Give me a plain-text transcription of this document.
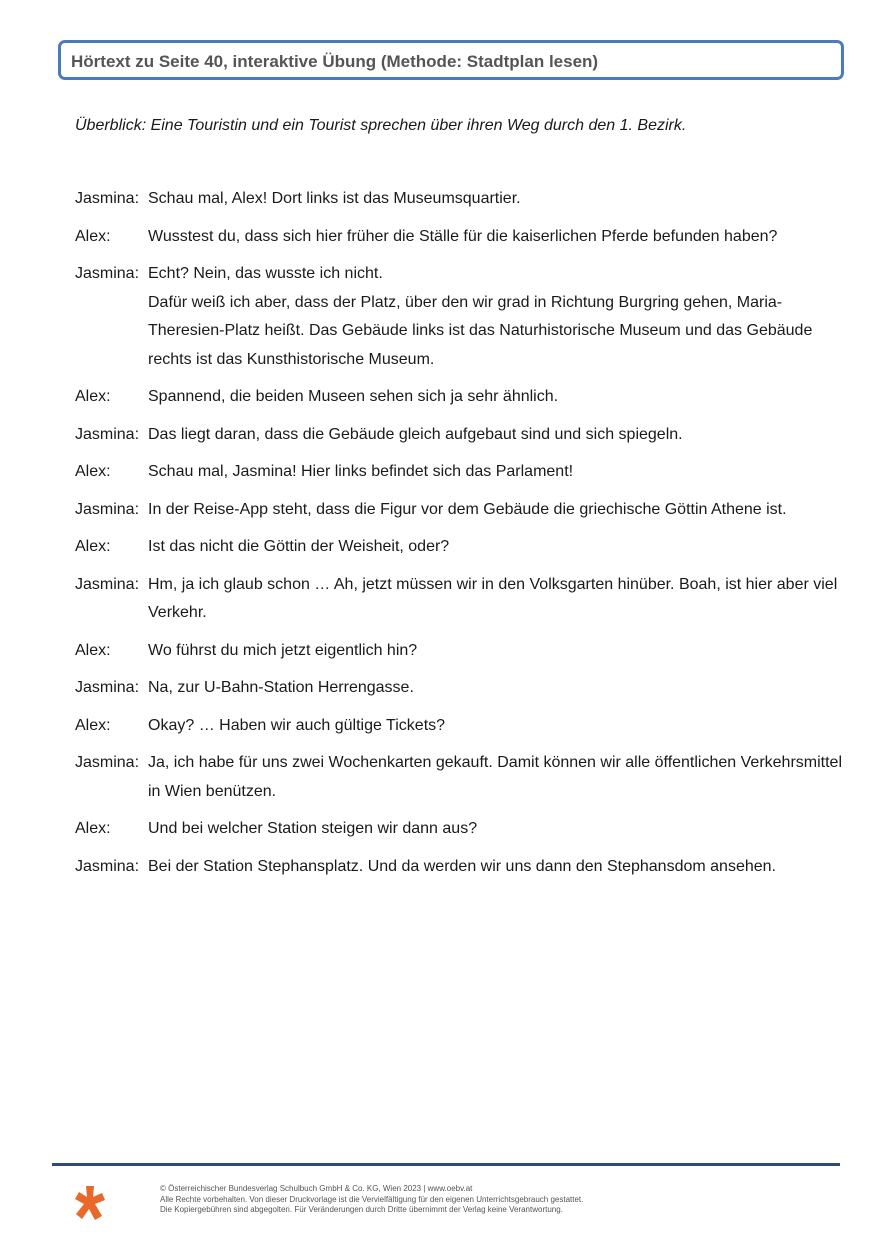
Hörtext zu Seite 40, interaktive Übung (Methode: Stadtplan lesen)
Überblick: Eine Touristin und ein Tourist sprechen über ihren Weg durch den 1. Bezirk.
Jasmina: Schau mal, Alex! Dort links ist das Museumsquartier.

Alex:	Wusstest du, dass sich hier früher die Ställe für die kaiserlichen Pferde befunden haben?

Jasmina: Echt? Nein, das wusste ich nicht.

Dafür weiß ich aber, dass der Platz, über den wir grad in Richtung Burgring gehen, Maria-Theresien-Platz heißt. Das Gebäude links ist das Naturhistorische Museum und das Gebäude rechts ist das Kunsthistorische Museum.

Alex:	Spannend, die beiden Museen sehen sich ja sehr ähnlich.

Jasmina: Das liegt daran, dass die Gebäude gleich aufgebaut sind und sich spiegeln.

Alex:	Schau mal, Jasmina! Hier links befindet sich das Parlament!

Jasmina: In der Reise-App steht, dass die Figur vor dem Gebäude die griechische Göttin Athene ist.

Alex:	Ist das nicht die Göttin der Weisheit, oder?

Jasmina: Hm, ja ich glaub schon … Ah, jetzt müssen wir in den Volksgarten hinüber. Boah, ist hier aber viel Verkehr.

Alex:	Wo führst du mich jetzt eigentlich hin?

Jasmina: Na, zur U-Bahn-Station Herrengasse.

Alex:	Okay? … Haben wir auch gültige Tickets?

Jasmina: Ja, ich habe für uns zwei Wochenkarten gekauft. Damit können wir alle öffentlichen Verkehrsmittel in Wien benützen.

Alex:	Und bei welcher Station steigen wir dann aus?

Jasmina: Bei der Station Stephansplatz. Und da werden wir uns dann den Stephansdom ansehen.

© Österreichischer Bundesverlag Schulbuch GmbH & Co. KG, Wien 2023 | www.oebv.at
Alle Rechte vorbehalten. Von dieser Druckvorlage ist die Vervielfältigung für den eigenen Unterrichtsgebrauch gestattet.
Die Kopiergebühren sind abgegolten. Für Veränderungen durch Dritte übernimmt der Verlag keine Verantwortung.
